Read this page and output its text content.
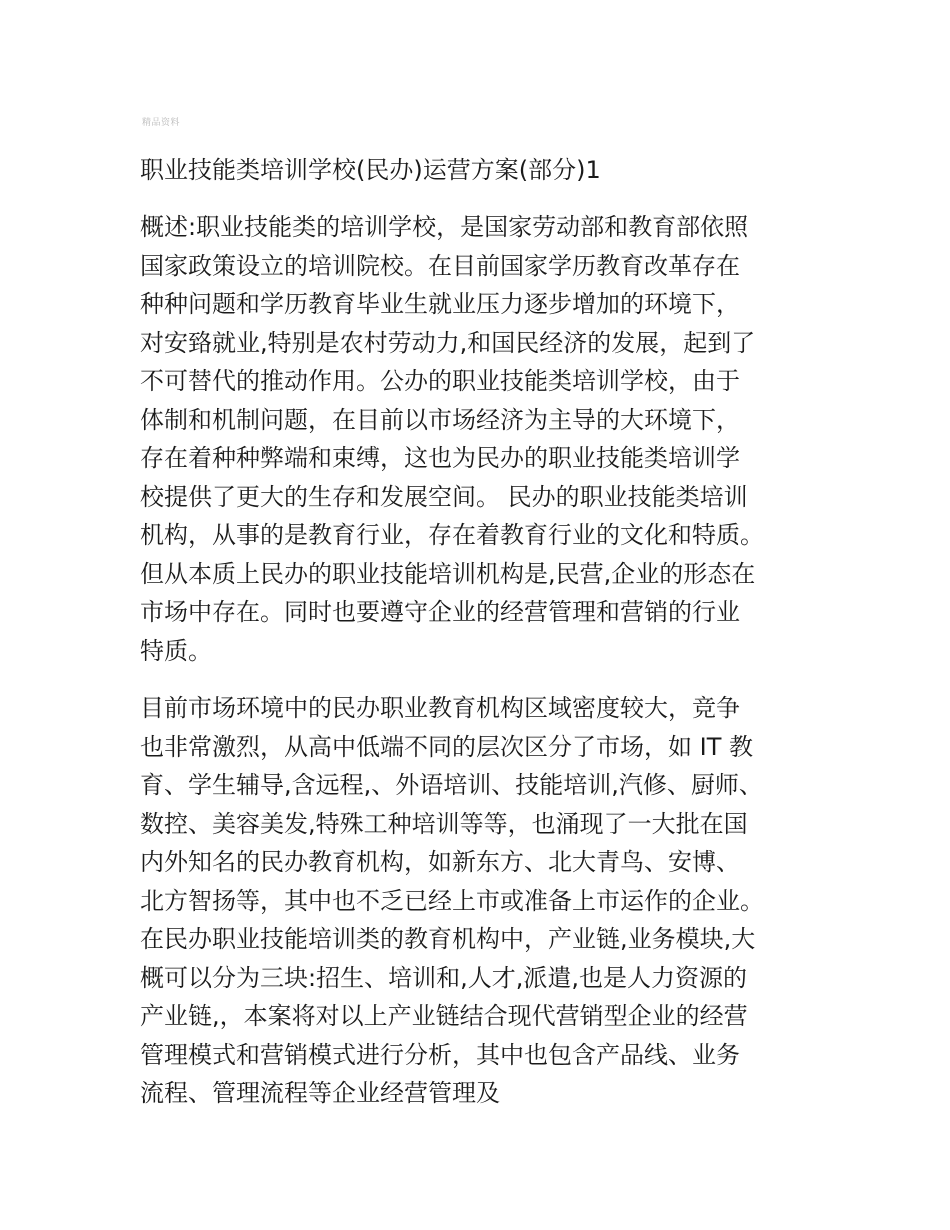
精品资料
职业技能类培训学校(民办)运营方案(部分)1

概述:职业技能类的培训学校，是国家劳动部和教育部依照
国家政策设立的培训院校。在目前国家学历教育改革存在
种种问题和学历教育毕业生就业压力逐步增加的环境下，
对安臵就业,特别是农村劳动力,和国民经济的发展，起到了
不可替代的推动作用。公办的职业技能类培训学校，由于
体制和机制问题，在目前以市场经济为主导的大环境下，
存在着种种弊端和束缚，这也为民办的职业技能类培训学
校提供了更大的生存和发展空间。 民办的职业技能类培训
机构，从事的是教育行业，存在着教育行业的文化和特质。
但从本质上民办的职业技能培训机构是,民营,企业的形态在
市场中存在。同时也要遵守企业的经营管理和营销的行业
特质。

目前市场环境中的民办职业教育机构区域密度较大，竞争
也非常激烈，从高中低端不同的层次区分了市场，如 IT 教
育、学生辅导,含远程,、外语培训、技能培训,汽修、厨师、
数控、美容美发,特殊工种培训等等，也涌现了一大批在国
内外知名的民办教育机构，如新东方、北大青鸟、安博、
北方智扬等，其中也不乏已经上市或准备上市运作的企业。
在民办职业技能培训类的教育机构中，产业链,业务模块,大
概可以分为三块:招生、培训和,人才,派遣,也是人力资源的
产业链,，本案将对以上产业链结合现代营销型企业的经营
管理模式和营销模式进行分析，其中也包含产品线、业务
流程、管理流程等企业经营管理及
